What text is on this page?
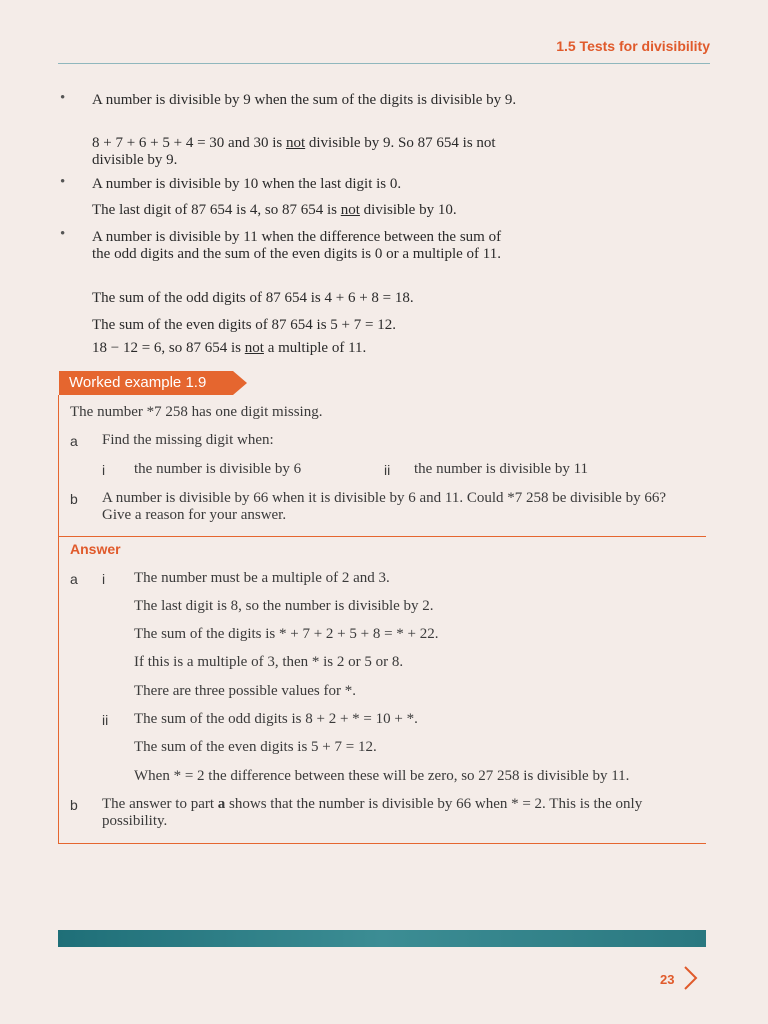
1.5 Tests for divisibility
• A number is divisible by 9 when the sum of the digits is divisible by 9.
8 + 7 + 6 + 5 + 4 = 30 and 30 is not divisible by 9. So 87 654 is not divisible by 9.
• A number is divisible by 10 when the last digit is 0.
The last digit of 87 654 is 4, so 87 654 is not divisible by 10.
• A number is divisible by 11 when the difference between the sum of the odd digits and the sum of the even digits is 0 or a multiple of 11.
The sum of the odd digits of 87 654 is 4 + 6 + 8 = 18.
The sum of the even digits of 87 654 is 5 + 7 = 12.
18 − 12 = 6, so 87 654 is not a multiple of 11.
Worked example 1.9
The number *7 258 has one digit missing.
a Find the missing digit when:
i the number is divisible by 6	ii the number is divisible by 11
b A number is divisible by 66 when it is divisible by 6 and 11. Could *7 258 be divisible by 66? Give a reason for your answer.
Answer
a i The number must be a multiple of 2 and 3.
The last digit is 8, so the number is divisible by 2.
The sum of the digits is * + 7 + 2 + 5 + 8 = * + 22.
If this is a multiple of 3, then * is 2 or 5 or 8.
There are three possible values for *.
ii The sum of the odd digits is 8 + 2 + * = 10 + *.
The sum of the even digits is 5 + 7 = 12.
When * = 2 the difference between these will be zero, so 27 258 is divisible by 11.
b The answer to part a shows that the number is divisible by 66 when * = 2. This is the only possibility.
23
